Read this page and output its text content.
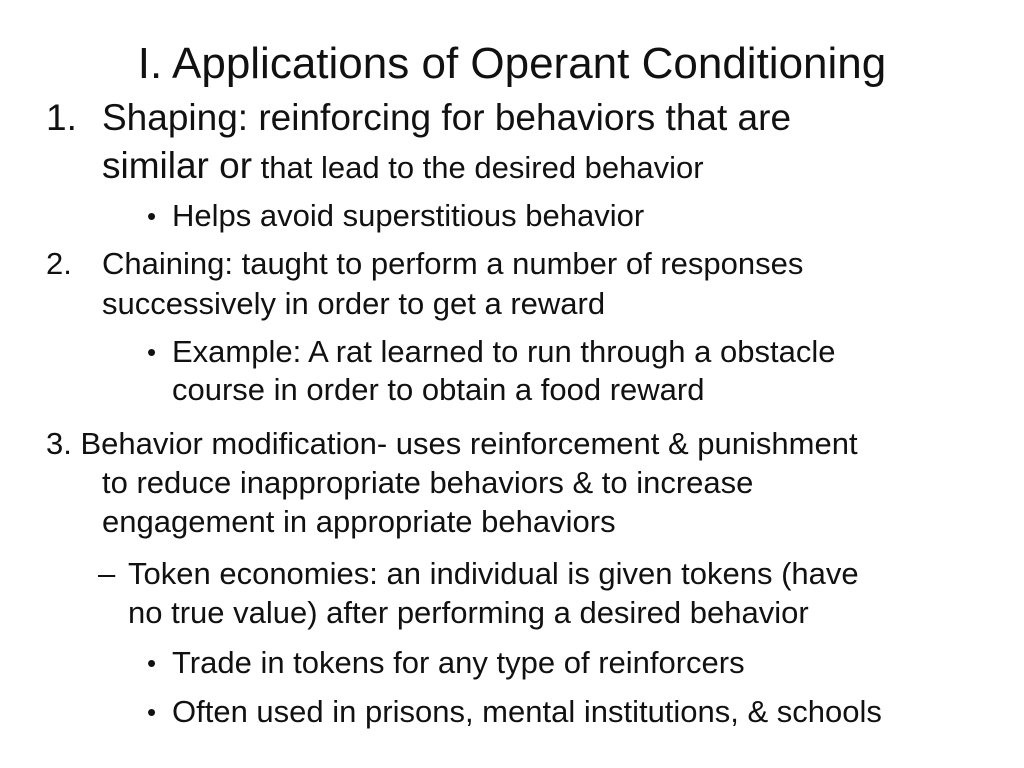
I. Applications of Operant Conditioning
1. Shaping: reinforcing for behaviors that are
similar or that lead to the desired behavior
• Helps avoid superstitious behavior
2. Chaining: taught to perform a number of responses
successively in order to get a reward
• Example: A rat learned to run through a obstacle
course in order to obtain a food reward
3. Behavior modification- uses reinforcement & punishment
to reduce inappropriate behaviors & to increase
engagement in appropriate behaviors
– Token economies: an individual is given tokens (have
no true value) after performing a desired behavior
• Trade in tokens for any type of reinforcers
• Often used in prisons, mental institutions, & schools
